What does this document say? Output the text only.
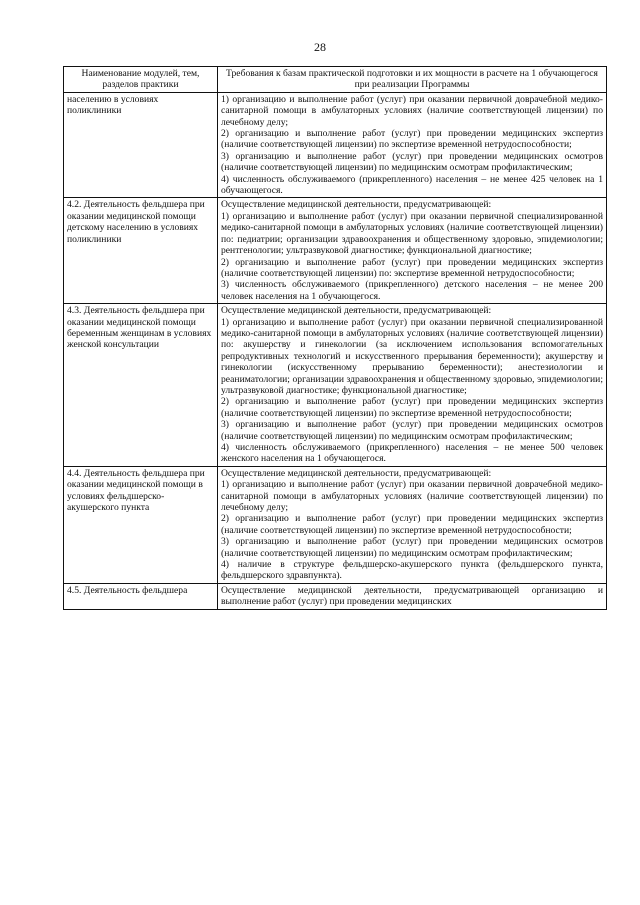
28
Наименование модулей, тем, разделов практики	Требования к базам практической подготовки и их мощности в расчете на 1 обучающегося при реализации Программы
населению в условиях поликлиники	1) организацию и выполнение работ (услуг) при оказании первичной доврачебной медико-санитарной помощи в амбулаторных условиях (наличие соответствующей лицензии) по лечебному делу;

2) организацию и выполнение работ (услуг) при проведении медицинских экспертиз (наличие соответствующей лицензии) по экспертизе временной нетрудоспособности;

3) организацию и выполнение работ (услуг) при проведении медицинских осмотров (наличие соответствующей лицензии) по медицинским осмотрам профилактическим;

4) численность обслуживаемого (прикрепленного) населения – не менее 425 человек на 1 обучающегося.

4.2. Деятельность фельдшера при оказании медицинской помощи детскому населению в условиях поликлиники	Осуществление медицинской деятельности, предусматривающей:

1) организацию и выполнение работ (услуг) при оказании первичной специализированной медико-санитарной помощи в амбулаторных условиях (наличие соответствующей лицензии) по: педиатрии; организации здравоохранения и общественному здоровью, эпидемиологии; рентгенологии; ультразвуковой диагностике; функциональной диагностике;

2) организацию и выполнение работ (услуг) при проведении медицинских экспертиз (наличие соответствующей лицензии) по: экспертизе временной нетрудоспособности;

3) численность обслуживаемого (прикрепленного) детского населения – не менее 200 человек населения на 1 обучающегося.

4.3. Деятельность фельдшера при оказании медицинской помощи беременным женщинам в условиях женской консультации	Осуществление медицинской деятельности, предусматривающей:

1) организацию и выполнение работ (услуг) при оказании первичной специализированной медико-санитарной помощи в амбулаторных условиях (наличие соответствующей лицензии) по: акушерству и гинекологии (за исключением использования вспомогательных репродуктивных технологий и искусственного прерывания беременности); акушерству и гинекологии (искусственному прерыванию беременности); анестезиологии и реаниматологии; организации здравоохранения и общественному здоровью, эпидемиологии; ультразвуковой диагностике; функциональной диагностике;

2) организацию и выполнение работ (услуг) при проведении медицинских экспертиз (наличие соответствующей лицензии) по экспертизе временной нетрудоспособности;

3) организацию и выполнение работ (услуг) при проведении медицинских осмотров (наличие соответствующей лицензии) по медицинским осмотрам профилактическим;

4) численность обслуживаемого (прикрепленного) населения – не менее 500 человек женского населения на 1 обучающегося.

4.4. Деятельность фельдшера при оказании медицинской помощи в условиях фельдшерско-акушерского пункта	Осуществление медицинской деятельности, предусматривающей:

1) организацию и выполнение работ (услуг) при оказании первичной доврачебной медико-санитарной помощи в амбулаторных условиях (наличие соответствующей лицензии) по лечебному делу;

2) организацию и выполнение работ (услуг) при проведении медицинских экспертиз (наличие соответствующей лицензии) по экспертизе временной нетрудоспособности;

3) организацию и выполнение работ (услуг) при проведении медицинских осмотров (наличие соответствующей лицензии) по медицинским осмотрам профилактическим;

4) наличие в структуре фельдшерско-акушерского пункта (фельдшерского пункта, фельдшерского здравпункта).

4.5. Деятельность фельдшера	Осуществление медицинской деятельности, предусматривающей организацию и выполнение работ (услуг) при проведении медицинских
